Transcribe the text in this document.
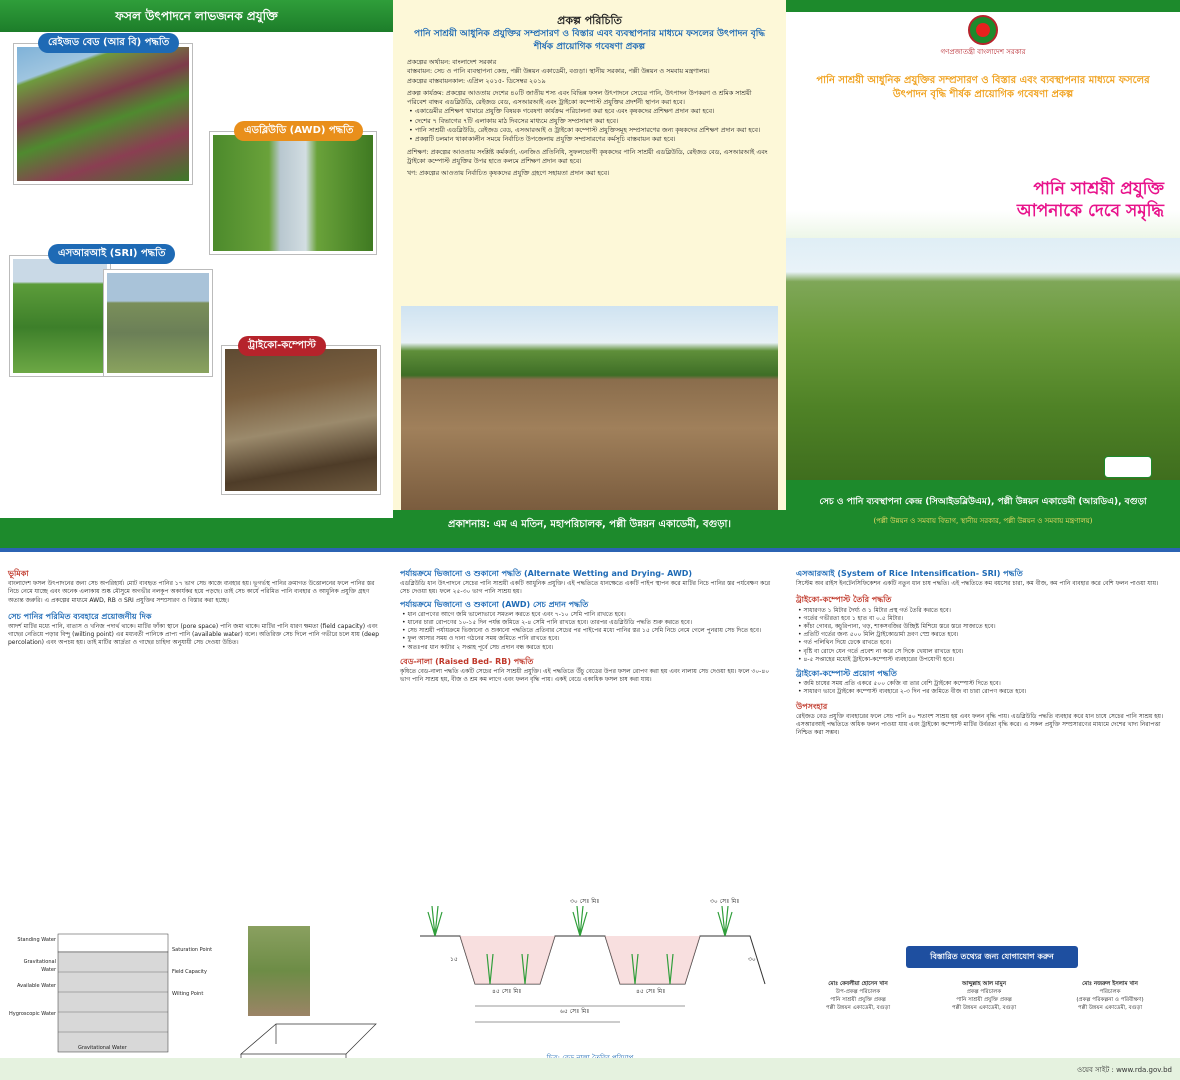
ফসল উৎপাদনে লাভজনক প্রযুক্তি
রেইজড বেড (আর বি) পদ্ধতি
এডব্লিউডি (AWD) পদ্ধতি
এসআরআই (SRI) পদ্ধতি
ট্রাইকো-কম্পোস্ট
প্রকল্প পরিচিতি
পানি সাশ্রয়ী আধুনিক প্রযুক্তির সম্প্রসারণ ও বিস্তার এবং ব্যবস্থাপনার মাধ্যমে ফসলের উৎপাদন বৃদ্ধি শীর্ষক প্রায়োগিক গবেষণা প্রকল্প

প্রকল্পের অর্থায়ন: বাংলাদেশ সরকার

বাস্তবায়ন: সেচ ও পানি ব্যবস্থাপনা কেন্দ্র, পল্লী উন্নয়ন একাডেমী, বগুড়া। স্থানীয় সরকার, পল্লী উন্নয়ন ও সমবায় মন্ত্রণালয়।

প্রকল্পের বাস্তবায়নকাল: এপ্রিল ২০১৫- ডিসেম্বর ২০১৯

প্রকল্প কার্যক্রম: প্রকল্পের আওতায় দেশের ৪০টি জাতীয় শস্য এবং বিভিন্ন ফসল উৎপাদনে সেচের পানি, উৎপাদন উপকরণ ও শ্রমিক সাশ্রয়ী পরিবেশ বান্ধব এডব্লিউডি, রেইজড বেড, এসআরআই এবং ট্রাইকো কম্পোস্ট প্রযুক্তির প্রদর্শনী স্থাপন করা হবে।

• একাডেমীর প্রশিক্ষণ খামারে প্রযুক্তি বিষয়ক গবেষণা কার্যক্রম পরিচালনা করা হবে এবং কৃষকদের প্রশিক্ষণ প্রদান করা হবে।

• দেশের ৭ বিভাগের ৭টি এলাকায় মাঠ দিবসের মাধ্যমে প্রযুক্তি সম্প্রসারণ করা হবে।

• পানি সাশ্রয়ী এডব্লিউডি, রেইজড বেড, এসআরআই ও ট্রাইকো কম্পোস্ট প্রযুক্তিসমূহ সম্প্রসারণের জন্য কৃষকদের প্রশিক্ষণ প্রদান করা হবে।

• প্রকল্পটি চলমান থাকাকালীন সময়ে নির্বাচিত উপজেলায় প্রযুক্তি সম্প্রসারণের কর্মসূচি বাস্তবায়ন করা হবে।

প্রশিক্ষণ: প্রকল্পের আওতায় সংশ্লিষ্ট কর্মকর্তা, এনজিও প্রতিনিধি, সুফলভোগী কৃষকদের পানি সাশ্রয়ী এডব্লিউডি, রেইজড বেড, এসআরআই এবং ট্রাইকো কম্পোস্ট প্রযুক্তির উপর হাতে কলমে প্রশিক্ষণ প্রদান করা হবে।

খণ: প্রকল্পের আওতায় নির্বাচিত কৃষকদের প্রযুক্তি গ্রহণে সহায়তা প্রদান করা হবে।

প্রকাশনায়: এম এ মতিন, মহাপরিচালক, পল্লী উন্নয়ন একাডেমী, বগুড়া।
গণপ্রজাতন্ত্রী বাংলাদেশ সরকার
পানি সাশ্রয়ী আধুনিক প্রযুক্তির সম্প্রসারণ ও বিস্তার এবং ব্যবস্থাপনার মাধ্যমে ফসলের উৎপাদন বৃদ্ধি শীর্ষক প্রায়োগিক গবেষণা প্রকল্প
পানি সাশ্রয়ী প্রযুক্তি
আপনাকে দেবে সমৃদ্ধি
সেচ ও পানি ব্যবস্থাপনা কেন্দ্র (সিআইডব্লিউএম), পল্লী উন্নয়ন একাডেমী (আরডিএ), বগুড়া
(পল্লী উন্নয়ন ও সমবায় বিভাগ, স্থানীয় সরকার, পল্লী উন্নয়ন ও সমবায় মন্ত্রণালয়)
ভূমিকা

বাংলাদেশ ফসল উৎপাদনের জন্য সেচ অপরিহার্য। মোট ব্যবহৃত পানির ১৭ ভাগ সেচ কাজে ব্যবহার হয়। ভূগর্ভস্থ পানির ক্রমাগত উত্তোলনের ফলে পানির স্তর নিচে নেমে যাচ্ছে এবং অনেক এলাকায় শুষ্ক মৌসুমে অগভীর নলকূপ অকার্যকর হয়ে পড়ছে। তাই সেচ কার্যে পরিমিত পানি ব্যবহার ও আধুনিক প্রযুক্তি গ্রহণ অত্যন্ত জরুরি। এ প্রকল্পের মাধ্যমে AWD, RB ও SRI প্রযুক্তির সম্প্রসারণ ও বিস্তার করা হচ্ছে।

সেচ পানির পরিমিত ব্যবহারে প্রয়োজনীয় দিক

আদর্শ মাটির মধ্যে পানি, বাতাস ও খনিজ পদার্থ থাকে। মাটির ফাঁকা স্থানে (pore space) পানি জমা থাকে। মাটির পানি ধারণ ক্ষমতা (field capacity) এবং গাছের নেতিয়ে পড়ার বিন্দু (wilting point) এর মধ্যবর্তী পানিকে প্রাপ্য পানি (available water) বলে। অতিরিক্ত সেচ দিলে পানি গভীরে চলে যায় (deep percolation) এবং অপচয় হয়। তাই মাটির আর্দ্রতা ও গাছের চাহিদা অনুযায়ী সেচ দেওয়া উচিত।

Standing Water
Gravitational Water
Available Water
Hygroscopic Water
Saturation Point
Field Capacity
Wilting Point
Gravitational Water
পর্যায়ক্রমে ভিজানো ও শুকানো পদ্ধতি (Alternate Wetting and Drying- AWD)

এডব্লিউডি ধান উৎপাদনে সেচের পানি সাশ্রয়ী একটি আধুনিক প্রযুক্তি। এই পদ্ধতিতে ধানক্ষেতে একটি পাইপ স্থাপন করে মাটির নিচে পানির স্তর পর্যবেক্ষণ করে সেচ দেওয়া হয়। ফলে ২৫-৩০ ভাগ পানি সাশ্রয় হয়।

পর্যায়ক্রমে ভিজানো ও শুকানো (AWD) সেচ প্রদান পদ্ধতি

• ধান রোপণের আগে জমি ভালোভাবে সমতল করতে হবে এবং ৭-১০ সেমি পানি রাখতে হবে।

• ধানের চারা রোপণের ১০-১৫ দিন পর্যন্ত জমিতে ২-৪ সেমি পানি রাখতে হবে। তারপর এডব্লিউডি পদ্ধতি শুরু করতে হবে।

• সেচ সাশ্রয়ী পর্যায়ক্রমে ভিজানো ও শুকানো পদ্ধতিতে প্রতিবার সেচের পর পাইপের মধ্যে পানির স্তর ১৫ সেমি নিচে নেমে গেলে পুনরায় সেচ দিতে হবে।

• ফুল আসার সময় ও দানা গঠনের সময় জমিতে পানি রাখতে হবে।

• অতঃপর ধান কাটার ২ সপ্তাহ পূর্বে সেচ প্রদান বন্ধ করতে হবে।

বেড-নালা (Raised Bed- RB) পদ্ধতি

কৃষিতে বেড-নালা পদ্ধতি একটি সেচের পানি সাশ্রয়ী প্রযুক্তি। এই পদ্ধতিতে উঁচু বেডের উপর ফসল রোপণ করা হয় এবং নালায় সেচ দেওয়া হয়। ফলে ৩০-৪০ ভাগ পানি সাশ্রয় হয়, বীজ ও শ্রম কম লাগে এবং ফলন বৃদ্ধি পায়। একই বেডে একাধিক ফসল চাষ করা যায়।

৩০ সেঃ মিঃ	৩০ সেঃ মিঃ
৪৫ সেঃ মিঃ	৪৫ সেঃ মিঃ
৬৫ সেঃ মিঃ
১৫	৩০
এসআরআই (System of Rice Intensification- SRI) পদ্ধতি

সিস্টেম অব রাইস ইনটেনসিফিকেশন একটি নতুন ধান চাষ পদ্ধতি। এই পদ্ধতিতে কম বয়সের চারা, কম বীজ, কম পানি ব্যবহার করে বেশি ফলন পাওয়া যায়।

ট্রাইকো-কম্পোস্ট তৈরি পদ্ধতি

• সাধারণত ১ মিটার দৈর্ঘ্য ও ১ মিটার প্রস্থ গর্ত তৈরি করতে হবে।

• গর্তের গভীরতা হবে ১ হাত বা ০.৫ মিটার।

• কাঁচা গোবর, কচুরিপানা, খড়, শাকসবজির উচ্ছিষ্ট মিশিয়ে স্তরে স্তরে সাজাতে হবে।

• প্রতিটি গর্তের জন্য ৫০০ মিলি ট্রাইকোডার্মা দ্রবণ স্প্রে করতে হবে।

• গর্ত পলিথিন দিয়ে ঢেকে রাখতে হবে।

• বৃষ্টি বা রোদে যেন গর্তে প্রবেশ না করে সে দিকে খেয়াল রাখতে হবে।

• ৪-৫ সপ্তাহের মধ্যেই ট্রাইকো-কম্পোস্ট ব্যবহারের উপযোগী হবে।

ট্রাইকো-কম্পোস্ট প্রয়োগ পদ্ধতি

• জমি চাষের সময় প্রতি একরে ৫০০ কেজি বা তার বেশি ট্রাইকো কম্পোস্ট দিতে হবে।

• সাধারণ ভাবে ট্রাইকো কম্পোস্ট ব্যবহারে ২-৩ দিন পর জমিতে বীজ বা চারা রোপণ করতে হবে।

উপসংহার

রেইজড বেড প্রযুক্তি ব্যবহারের ফলে সেচ পানি ৪০ শতাংশ সাশ্রয় হয় এবং ফলন বৃদ্ধি পায়। এডব্লিউডি পদ্ধতি ব্যবহার করে ধান চাষে সেচের পানি সাশ্রয় হয়। এসআরআই পদ্ধতিতে অধিক ফলন পাওয়া যায় এবং ট্রাইকো কম্পোস্ট মাটির উর্বরতা বৃদ্ধি করে। এ সকল প্রযুক্তি সম্প্রসারণের মাধ্যমে দেশের খাদ্য নিরাপত্তা নিশ্চিত করা সম্ভব।

বিস্তারিত তথ্যের জন্য যোগাযোগ করুন
মোঃ কেবলীয়া হোসেন খান
উপ-প্রকল্প পরিচালক
পানি সাশ্রয়ী প্রযুক্তি প্রকল্প
পল্লী উন্নয়ন একাডেমী, বগুড়া
আব্দুল্লাহ আল মামুন
প্রকল্প পরিচালক
পানি সাশ্রয়ী প্রযুক্তি প্রকল্প
পল্লী উন্নয়ন একাডেমী, বগুড়া
মোঃ নজরুল ইসলাম খান
পরিচালক
(প্রকল্প পরিকল্পনা ও পরিবীক্ষণ)
পল্লী উন্নয়ন একাডেমী, বগুড়া
ওয়েব সাইট : www.rda.gov.bd
